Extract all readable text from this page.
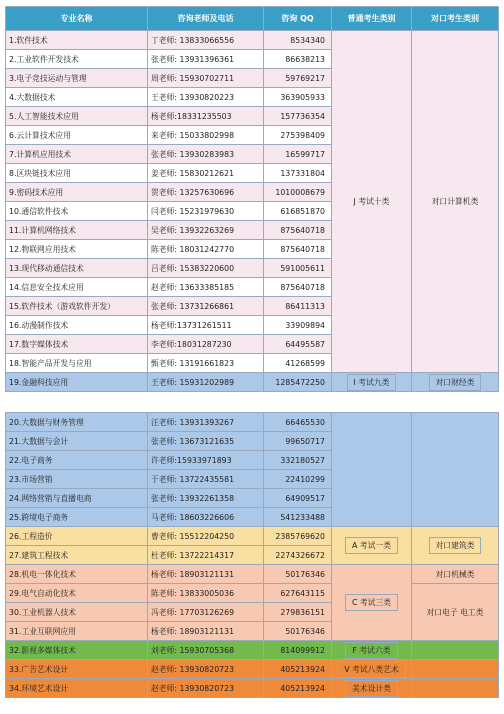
专业名称	咨询老师及电话	咨询 QQ	普通考生类别	对口考生类别
1.软件技术	丁老师: 13833066556	8534340	J 考试十类	对口计算机类
2.工业软件开发技术	张老师: 13931396361	86638213		
3.电子竞技运动与管理	周老师: 15930702711	59769217		
4.大数据技术	王老师: 13930820223	363905933		
5.人工智能技术应用	杨老师:18331235503	157736354		
6.云计算技术应用	来老师: 15033802998	275398409		
7.计算机应用技术	张老师: 13930283983	16599717		
8.区块链技术应用	姜老师: 15830212621	137331804		
9.密码技术应用	贺老师: 13257630696	1010008679		
10.通信软件技术	闫老师: 15231979630	616851870		
11.计算机网络技术	吴老师: 13932263269	875640718		
12.物联网应用技术	陈老师: 18031242770	875640718		
13.现代移动通信技术	吕老师: 15383220600	591005611		
14.信息安全技术应用	赵老师: 13633385185	875640718		
15.软件技术（游戏软件开发）	张老师: 13731266861	86411313		
16.动漫制作技术	杨老师:13731261511	33909894		
17.数字媒体技术	李老师:18031287230	64495587		
18.智能产品开发与应用	甄老师: 13191661823	41268599		
19.金融科技应用	王老师: 15931202989	1285472250	I 考试九类	对口财经类
20.大数据与财务管理	汪老师: 13931393267	66465530		
21.大数据与会计	张老师: 13673121635	99650717		
22.电子商务	许老师:15933971893	332180527		
23.市场营销	于老师: 13722435581	22410299		
24.网络营销与直播电商	张老师: 13932261358	64909517		
25.跨境电子商务	马老师: 18603226606	541233488		
26.工程造价	曹老师: 15512204250	2385769620	A 考试一类	对口建筑类
27.建筑工程技术	杜老师: 13722214317	2274326672		
28.机电一体化技术	杨老师: 18903121131	50176346	C 考试三类	对口机械类
29.电气自动化技术	陈老师: 13833005036	627643115		对口电子 电工类
30.工业机器人技术	冯老师: 17703126269	279836151		
31.工业互联网应用	杨老师: 18903121131	50176346		
32.影视多媒体技术	刘老师: 15930705368	814099912	F 考试六类	
33.广告艺术设计	赵老师: 13930820723	405213924	V 考试八类艺术	
34.环境艺术设计	赵老师: 13930820723	405213924	美术设计类	
